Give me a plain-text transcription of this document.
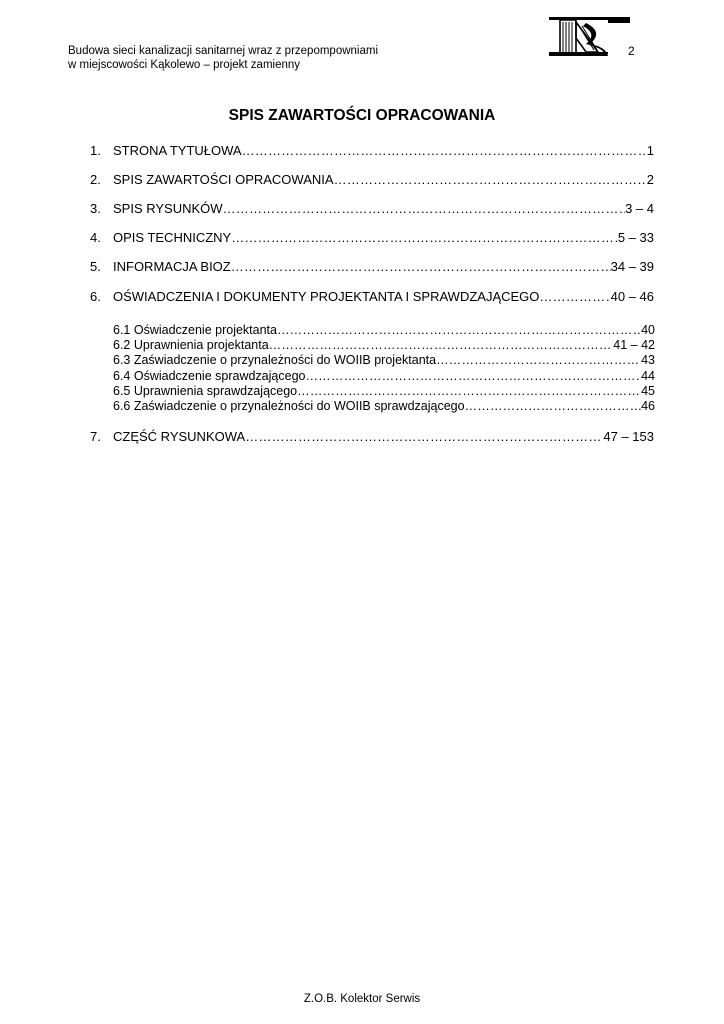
Budowa sieci kanalizacji sanitarnej wraz z przepompowniami
w miejscowości Kąkolewo – projekt zamienny
2
SPIS ZAWARTOŚCI OPRACOWANIA
1. STRONA TYTUŁOWA …………………………………………………………………………………………………………………………………………………………………………………………	1
2. SPIS ZAWARTOŚCI OPRACOWANIA …………………………………………………………………………………………………………………………………………………………………………………………	2
3. SPIS RYSUNKÓW …………………………………………………………………………………………………………………………………………………………………………………………	3 – 4
4. OPIS TECHNICZNY …………………………………………………………………………………………………………………………………………………………………………………………	5 – 33
5. INFORMACJA BIOZ …………………………………………………………………………………………………………………………………………………………………………………………	34 – 39
6. OŚWIADCZENIA I DOKUMENTY PROJEKTANTA I SPRAWDZAJĄCEGO …………………………………………………………………………………………………………………………………………………………………………………………	40 – 46
6.1 Oświadczenie projektanta …………………………………………………………………………………………………………………………………………………………………………………………	40
6.2 Uprawnienia projektanta …………………………………………………………………………………………………………………………………………………………………………………………	41 – 42
6.3 Zaświadczenie o przynależności do WOIIB projektanta …………………………………………………………………………………………………………………………………………………………………………………………	43
6.4 Oświadczenie sprawdzającego …………………………………………………………………………………………………………………………………………………………………………………………	44
6.5 Uprawnienia sprawdzającego …………………………………………………………………………………………………………………………………………………………………………………………	45
6.6 Zaświadczenie o przynależności do WOIIB sprawdzającego …………………………………………………………………………………………………………………………………………………………………………………………	46
7. CZĘŚĆ RYSUNKOWA …………………………………………………………………………………………………………………………………………………………………………………………	47 – 153
Z.O.B. Kolektor Serwis
